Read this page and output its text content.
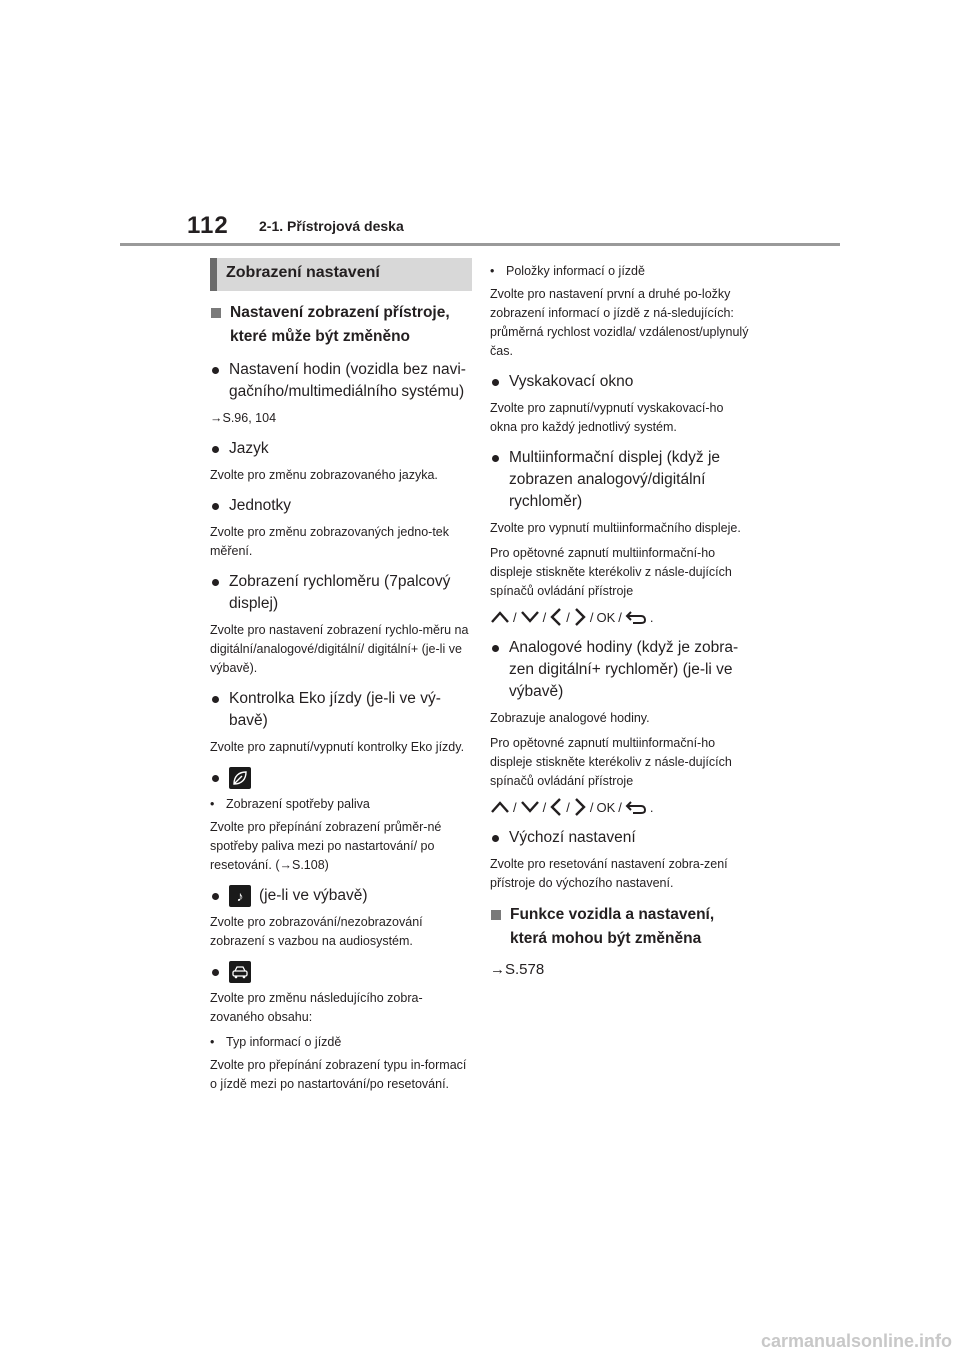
112 2-1. Přístrojová deska
Zobrazení nastavení
Nastavení zobrazení přístroje, které může být změněno
Nastavení hodin (vozidla bez navi-gačního/multimediálního systému)
→S.96, 104
Jazyk
Zvolte pro změnu zobrazovaného jazyka.
Jednotky
Zvolte pro změnu zobrazovaných jedno-tek měření.
Zobrazení rychloměru (7palcový displej)
Zvolte pro nastavení zobrazení rychlo-měru na digitální/analogové/digitální/ digitální+ (je-li ve výbavě).
Kontrolka Eko jízdy (je-li ve vý-bavě)
Zvolte pro zapnutí/vypnutí kontrolky Eko jízdy.
• Zobrazení spotřeby paliva
Zvolte pro přepínání zobrazení průměr-né spotřeby paliva mezi po nastartování/ po resetování. (→S.108)
♪	(je-li ve výbavě)
Zvolte pro zobrazování/nezobrazování zobrazení s vazbou na audiosystém.
Zvolte pro změnu následujícího zobra-zovaného obsahu:
• Typ informací o jízdě
Zvolte pro přepínání zobrazení typu in-formací o jízdě mezi po nastartování/po resetování.
• Položky informací o jízdě
Zvolte pro nastavení první a druhé po-ložky zobrazení informací o jízdě z ná-sledujících: průměrná rychlost vozidla/ vzdálenost/uplynulý čas.
Vyskakovací okno
Zvolte pro zapnutí/vypnutí vyskakovací-ho okna pro každý jednotlivý systém.
Multiinformační displej (když je zobrazen analogový/digitální rychloměr)
Zvolte pro vypnutí multiinformačního displeje.
Pro opětovné zapnutí multiinformační-ho displeje stiskněte kterékoliv z násle-dujících spínačů ovládání přístroje
/ / / / OK / .
Analogové hodiny (když je zobra-zen digitální+ rychloměr) (je-li ve výbavě)
Zobrazuje analogové hodiny.
Pro opětovné zapnutí multiinformační-ho displeje stiskněte kterékoliv z násle-dujících spínačů ovládání přístroje
/ / / / OK / .
Výchozí nastavení
Zvolte pro resetování nastavení zobra-zení přístroje do výchozího nastavení.
Funkce vozidla a nastavení, která mohou být změněna
→S.578
carmanualsonline.info
